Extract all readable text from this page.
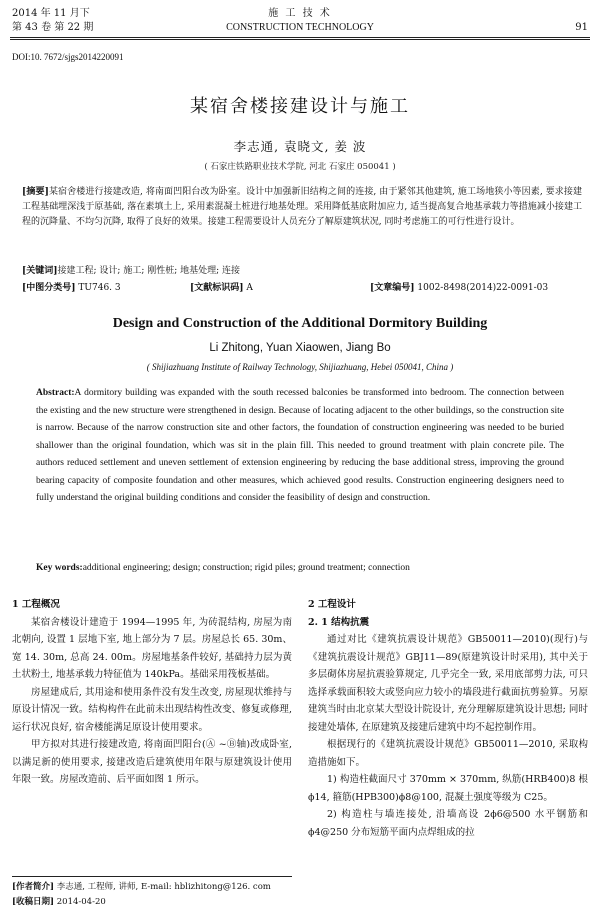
2014 年 11 月下
第 43 卷 第 22 期
施 工 技 术
CONSTRUCTION TECHNOLOGY	91
DOI:10. 7672/sjgs2014220091
某宿舍楼接建设计与施工
李志通, 袁晓文, 姜 波
( 石家庄铁路职业技术学院, 河北 石家庄 050041 )
[摘要]某宿舍楼进行接建改造, 将南面凹阳台改为卧室。设计中加强新旧结构之间的连接, 由于紧邻其他建筑, 施工场地狭小等因素, 要求接建工程基础埋深浅于原基础, 落在素填土上, 采用素混凝土桩进行地基处理。采用降低基底附加应力, 适当提高复合地基承载力等措施减小接建工程的沉降量、不均匀沉降, 取得了良好的效果。接建工程需要设计人员充分了解原建筑状况, 同时考虑施工的可行性进行设计。
[关键词]接建工程; 设计; 施工; 刚性桩; 地基处理; 连接
[中图分类号] TU746. 3	[文献标识码] A	[文章编号] 1002-8498(2014)22-0091-03
Design and Construction of the Additional Dormitory Building
Li Zhitong, Yuan Xiaowen, Jiang Bo
( Shijiazhuang Institute of Railway Technology, Shijiazhuang, Hebei 050041, China )
Abstract:A dormitory building was expanded with the south recessed balconies be transformed into bedroom. The connection between the existing and the new structure were strengthened in design. Because of locating adjacent to the other buildings, so the construction site is narrow. Because of the narrow construction site and other factors, the foundation of construction engineering was needed to be buried shallower than the original foundation, which was sit in the plain fill. This needed to ground treatment with plain concrete pile. The authors reduced settlement and uneven settlement of extension engineering by reducing the base additional stress, improving the ground bearing capacity of composite foundation and other measures, which achieved good results. Construction engineering designers need to fully understand the original building conditions and consider the feasibility of design and construction.
Key words:additional engineering; design; construction; rigid piles; ground treatment; connection

1 工程概况

某宿舍楼设计建造于 1994—1995 年, 为砖混结构, 房屋为南北朝向, 设置 1 层地下室, 地上部分为 7 层。房屋总长 65. 30m、宽 14. 30m, 总高 24. 00m。房屋地基条件较好, 基础持力层为黄土状粉土, 地基承载力特征值为 140kPa。基础采用筏板基础。

房屋建成后, 其用途和使用条件没有发生改变, 房屋现状维持与原设计情况一致。结构构件在此前未出现结构性改变、修复或修理, 运行状况良好, 宿舍楼能满足原设计使用要求。

甲方拟对其进行接建改造, 将南面凹阳台(Ⓐ ~Ⓑ轴)改成卧室, 以满足新的使用要求, 接建改造后建筑使用年限与原建筑设计使用年限一致。房屋改造前、后平面如图 1 所示。

2 工程设计

2. 1 结构抗震

通过对比《建筑抗震设计规范》GB50011—2010)(现行)与《建筑抗震设计规范》GBJ11—89(原建筑设计时采用), 其中关于多层砌体房屋抗震验算规定, 几乎完全一致, 采用底部剪力法, 可只选择承载面积较大或竖向应力较小的墙段进行截面抗剪验算。另原建筑当时由北京某大型设计院设计, 充分理解原建筑设计思想; 同时接建处墙体, 在原建筑及接建后建筑中均不起控制作用。

根据现行的《建筑抗震设计规范》GB50011—2010, 采取构造措施如下。

1) 构造柱截面尺寸 370mm × 370mm, 纵筋(HRB400)8 根 ϕ14, 箍筋(HPB300)ϕ8@100, 混凝土强度等级为 C25。

2) 构造柱与墙连接处, 沿墙高设 2ϕ6@500 水平钢筋和 ϕ4@250 分布短筋平面内点焊组成的拉

[作者简介] 李志通, 工程师, 讲师, E-mail: hblizhitong@126. com
[收稿日期] 2014-04-20
